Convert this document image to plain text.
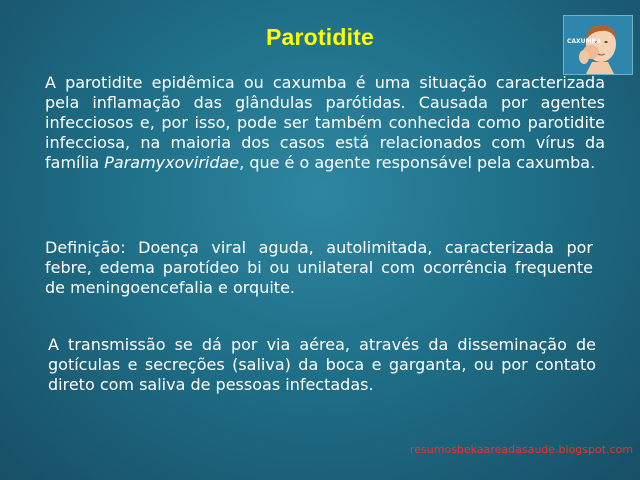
Parotidite	CAXUMBA
A parotidite epidêmica ou caxumba é uma situação caracterizada pela inflamação das glândulas parótidas. Causada por agentes infecciosos e, por isso, pode ser também conhecida como parotidite infecciosa, na maioria dos casos está relacionados com vírus da família Paramyxoviridae, que é o agente responsável pela caxumba.
Definição: Doença viral aguda, autolimitada, caracterizada por febre, edema parotídeo bi ou unilateral com ocorrência frequente de meningoencefalia e orquite.
A transmissão se dá por via aérea, através da disseminação de gotículas e secreções (saliva) da boca e garganta, ou por contato direto com saliva de pessoas infectadas.
resumosbekaareadasaude.blogspot.com
